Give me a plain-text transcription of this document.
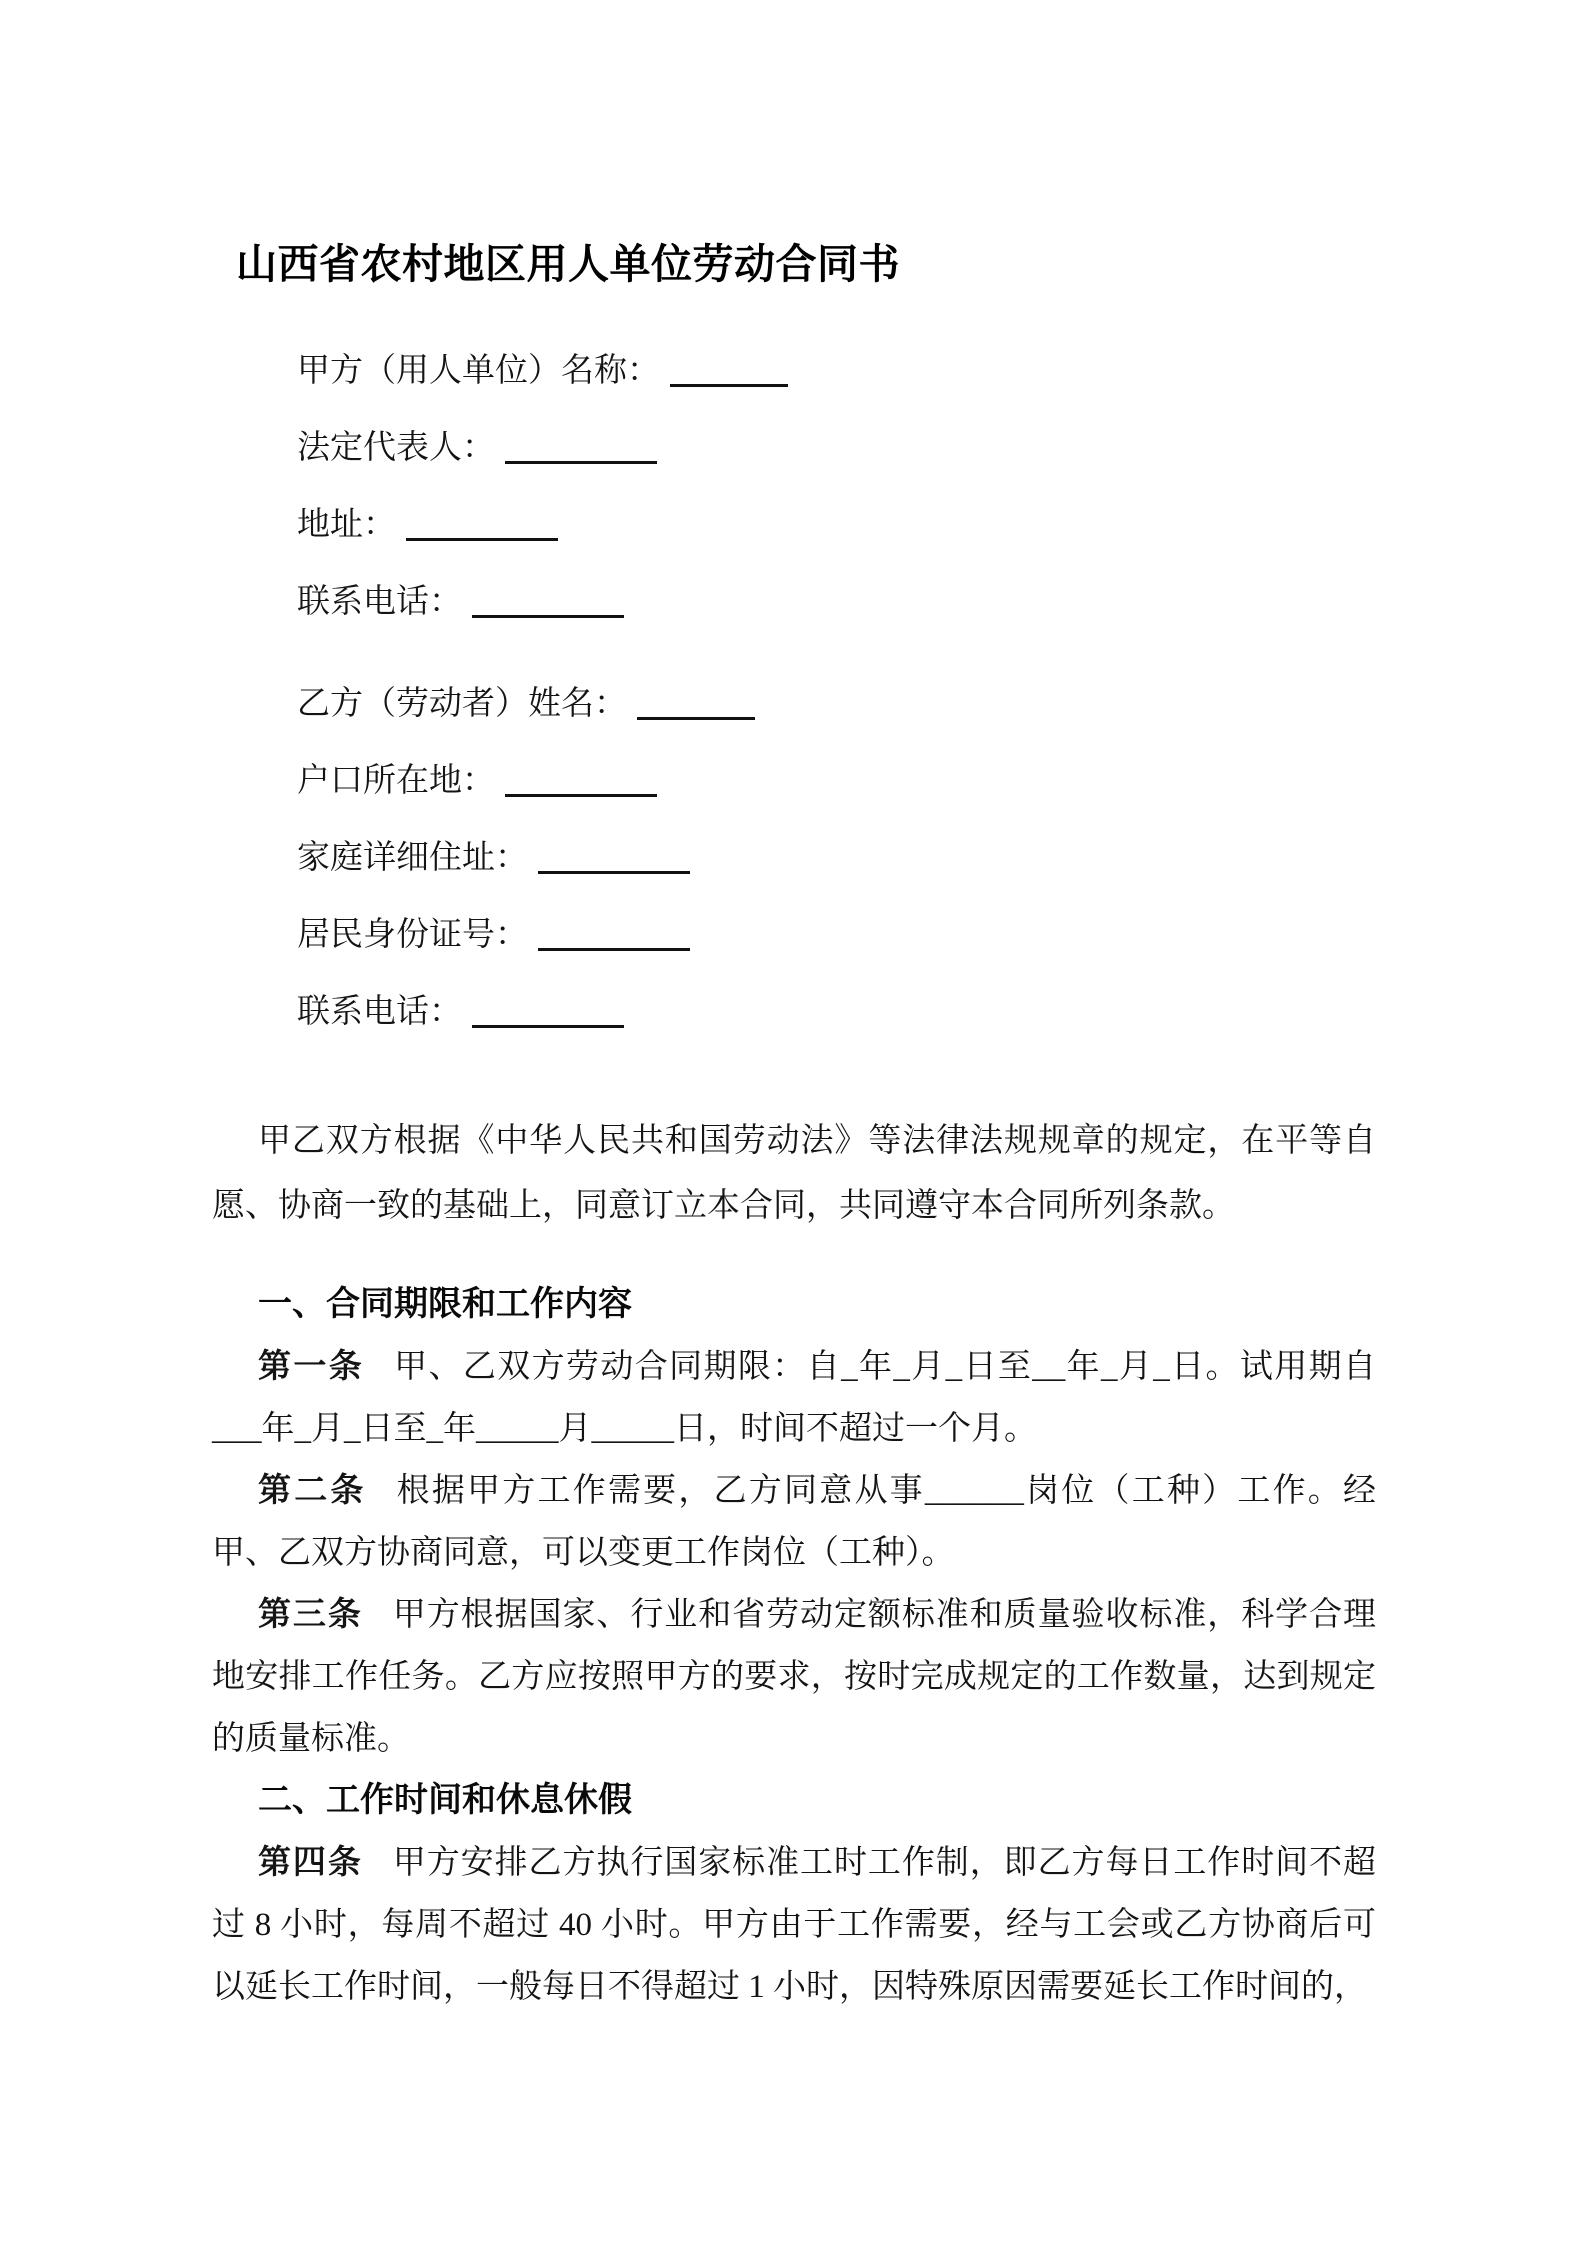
山西省农村地区用人单位劳动合同书
甲方（用人单位）名称：
法定代表人：
地址：
联系电话：
乙方（劳动者）姓名：
户口所在地：
家庭详细住址：
居民身份证号：
联系电话：

甲乙双方根据《中华人民共和国劳动法》等法律法规规章的规定，在平等自愿、协商一致的基础上，同意订立本合同，共同遵守本合同所列条款。

一、合同期限和工作内容

第一条 甲、乙双方劳动合同期限：自_年_月_日至__年_月_日。试用期自___年_月_日至_年_____月_____日，时间不超过一个月。

第二条 根据甲方工作需要，乙方同意从事______岗位（工种）工作。经甲、乙双方协商同意，可以变更工作岗位（工种）。

第三条 甲方根据国家、行业和省劳动定额标准和质量验收标准，科学合理地安排工作任务。乙方应按照甲方的要求，按时完成规定的工作数量，达到规定的质量标准。

二、工作时间和休息休假

第四条 甲方安排乙方执行国家标准工时工作制，即乙方每日工作时间不超过 8 小时，每周不超过 40 小时。甲方由于工作需要，经与工会或乙方协商后可以延长工作时间，一般每日不得超过 1 小时，因特殊原因需要延长工作时间的，
